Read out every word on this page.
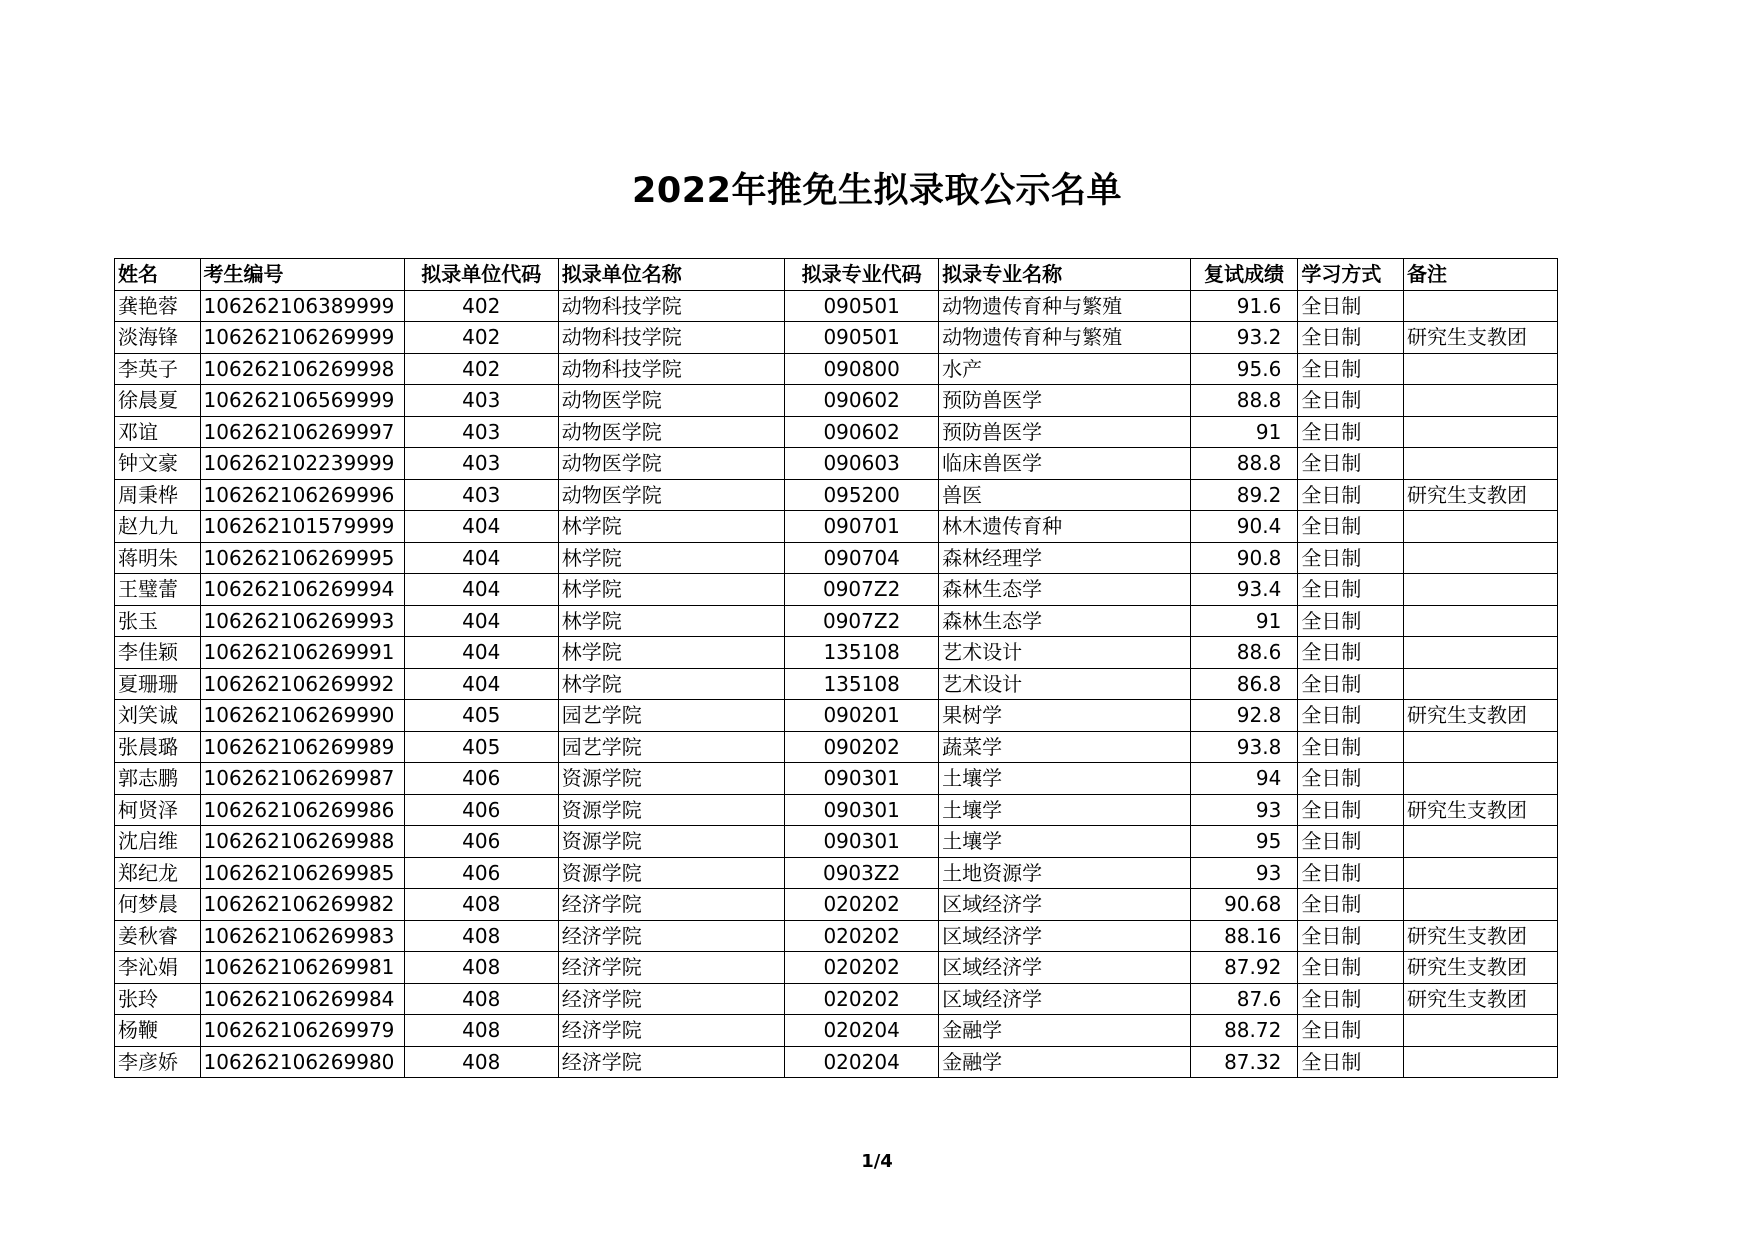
2022年推免生拟录取公示名单
姓名	考生编号	拟录单位代码	拟录单位名称	拟录专业代码	拟录专业名称	复试成绩	学习方式	备注
龚艳蓉	106262106389999	402	动物科技学院	090501	动物遗传育种与繁殖	91.6	全日制	
淡海锋	106262106269999	402	动物科技学院	090501	动物遗传育种与繁殖	93.2	全日制	研究生支教团
李英子	106262106269998	402	动物科技学院	090800	水产	95.6	全日制	
徐晨夏	106262106569999	403	动物医学院	090602	预防兽医学	88.8	全日制	
邓谊	106262106269997	403	动物医学院	090602	预防兽医学	91	全日制	
钟文豪	106262102239999	403	动物医学院	090603	临床兽医学	88.8	全日制	
周秉桦	106262106269996	403	动物医学院	095200	兽医	89.2	全日制	研究生支教团
赵九九	106262101579999	404	林学院	090701	林木遗传育种	90.4	全日制	
蒋明朱	106262106269995	404	林学院	090704	森林经理学	90.8	全日制	
王璧蕾	106262106269994	404	林学院	0907Z2	森林生态学	93.4	全日制	
张玉	106262106269993	404	林学院	0907Z2	森林生态学	91	全日制	
李佳颖	106262106269991	404	林学院	135108	艺术设计	88.6	全日制	
夏珊珊	106262106269992	404	林学院	135108	艺术设计	86.8	全日制	
刘笑诚	106262106269990	405	园艺学院	090201	果树学	92.8	全日制	研究生支教团
张晨璐	106262106269989	405	园艺学院	090202	蔬菜学	93.8	全日制	
郭志鹏	106262106269987	406	资源学院	090301	土壤学	94	全日制	
柯贤泽	106262106269986	406	资源学院	090301	土壤学	93	全日制	研究生支教团
沈启维	106262106269988	406	资源学院	090301	土壤学	95	全日制	
郑纪龙	106262106269985	406	资源学院	0903Z2	土地资源学	93	全日制	
何梦晨	106262106269982	408	经济学院	020202	区域经济学	90.68	全日制	
姜秋睿	106262106269983	408	经济学院	020202	区域经济学	88.16	全日制	研究生支教团
李沁娟	106262106269981	408	经济学院	020202	区域经济学	87.92	全日制	研究生支教团
张玲	106262106269984	408	经济学院	020202	区域经济学	87.6	全日制	研究生支教团
杨鞭	106262106269979	408	经济学院	020204	金融学	88.72	全日制	
李彦娇	106262106269980	408	经济学院	020204	金融学	87.32	全日制	
1/4
